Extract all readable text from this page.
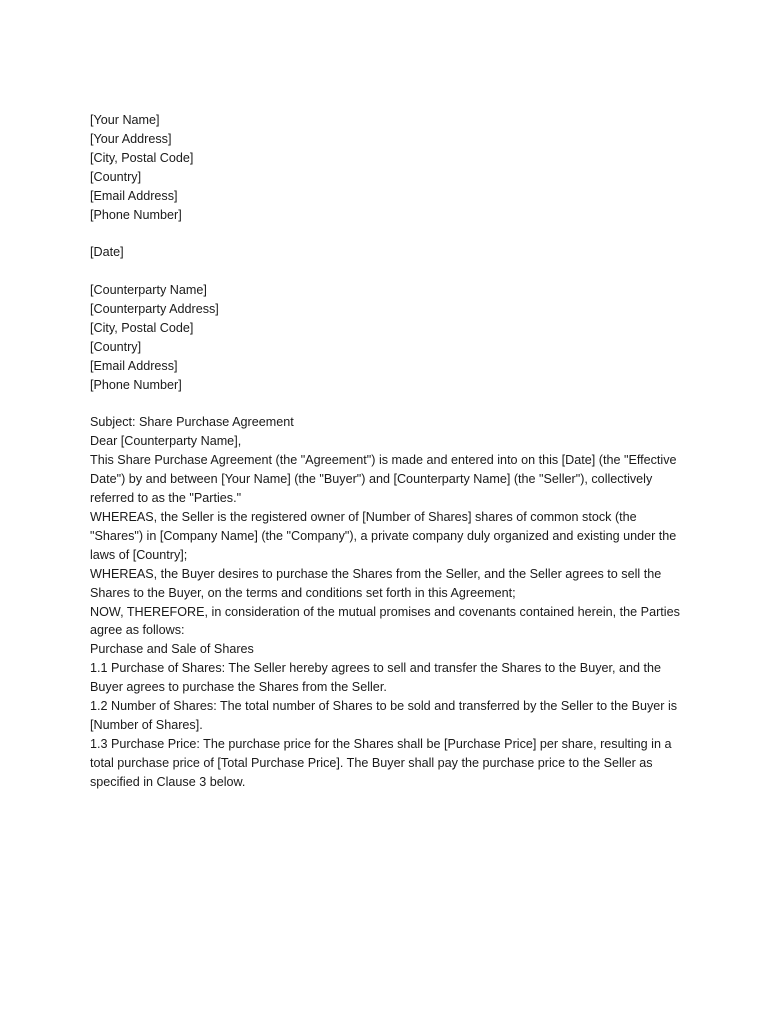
[Your Name]
[Your Address]
[City, Postal Code]
[Country]
[Email Address]
[Phone Number]
[Date]
[Counterparty Name]
[Counterparty Address]
[City, Postal Code]
[Country]
[Email Address]
[Phone Number]

Subject: Share Purchase Agreement

Dear [Counterparty Name],

This Share Purchase Agreement (the "Agreement") is made and entered into on this [Date] (the "Effective Date") by and between [Your Name] (the "Buyer") and [Counterparty Name] (the "Seller"), collectively referred to as the "Parties."

WHEREAS, the Seller is the registered owner of [Number of Shares] shares of common stock (the "Shares") in [Company Name] (the "Company"), a private company duly organized and existing under the laws of [Country];

WHEREAS, the Buyer desires to purchase the Shares from the Seller, and the Seller agrees to sell the Shares to the Buyer, on the terms and conditions set forth in this Agreement;

NOW, THEREFORE, in consideration of the mutual promises and covenants contained herein, the Parties agree as follows:

Purchase and Sale of Shares

1.1 Purchase of Shares: The Seller hereby agrees to sell and transfer the Shares to the Buyer, and the Buyer agrees to purchase the Shares from the Seller.

1.2 Number of Shares: The total number of Shares to be sold and transferred by the Seller to the Buyer is [Number of Shares].

1.3 Purchase Price: The purchase price for the Shares shall be [Purchase Price] per share, resulting in a total purchase price of [Total Purchase Price]. The Buyer shall pay the purchase price to the Seller as specified in Clause 3 below.
